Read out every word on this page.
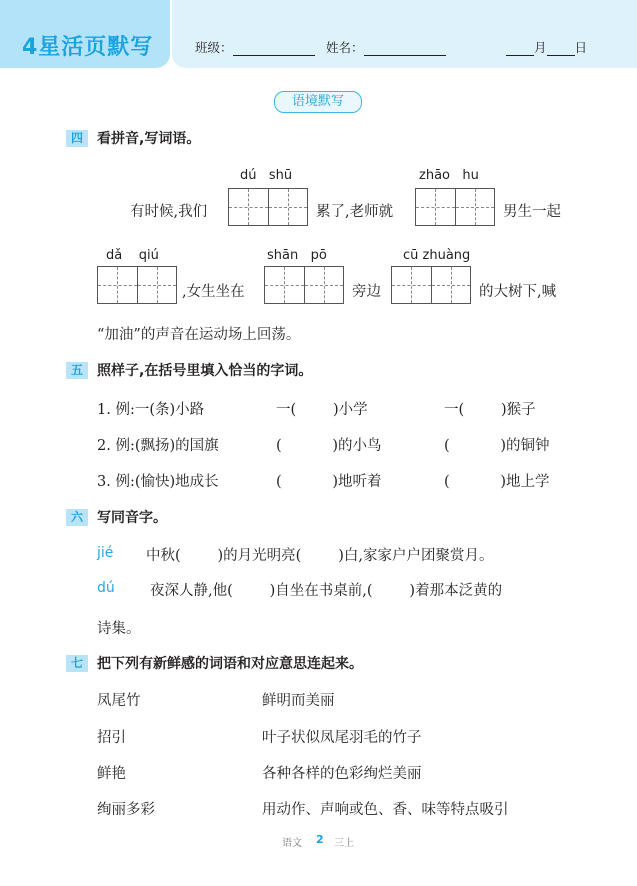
4星活页默写	班级：	姓名：	月 日
语境默写
四	看拼音,写词语。
dú   shū
有时候,我们	累了,老师就
zhāo   hu
男生一起
dǎ    qiú
,女生坐在
shān   pō
旁边
cū zhuàng
的大树下,喊
“加油”的声音在运动场上回荡。
五	照样子,在括号里填入恰当的字词。
1. 例:一(条)小路	一(        )小学	一(        )猴子
2. 例:(飘扬)的国旗	(           )的小鸟	(           )的铜钟
3. 例:(愉快)地成长	(           )地听着	(           )地上学
六	写同音字。
jié 中秋(        )的月光明亮(        )白,家家户户团聚赏月。
dú 夜深人静,他(        )自坐在书桌前,(        )着那本泛黄的
诗集。
七	把下列有新鲜感的词语和对应意思连起来。
凤尾竹	鲜明而美丽
招引	叶子状似凤尾羽毛的竹子
鲜艳	各种各样的色彩绚烂美丽
绚丽多彩	用动作、声响或色、香、味等特点吸引
语文 2 三上
